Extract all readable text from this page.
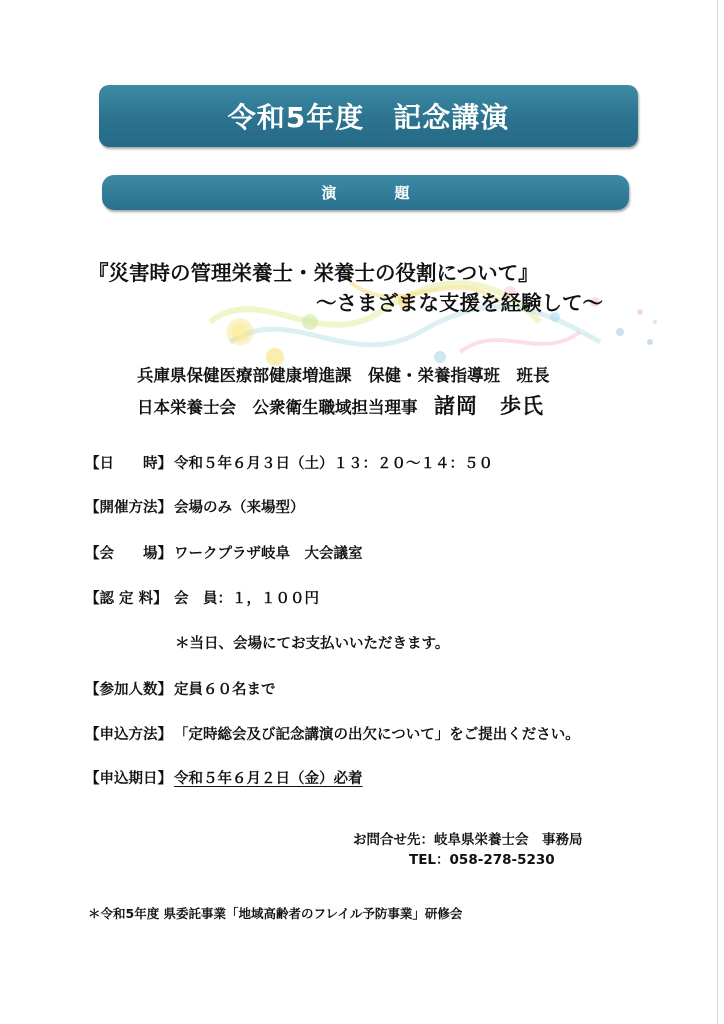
令和5年度　記念講演
演題
『災害時の管理栄養士・栄養士の役割について』
～さまざまな支援を経験して～
兵庫県保健医療部健康増進課　保健・栄養指導班　班長
日本栄養士会　公衆衛生職域担当理事　諸岡　歩氏
【日　　時】 令和５年６月３日（土）１３：２０～１４：５０
【開催方法】 会場のみ（来場型）
【会　　場】 ワークプラザ岐阜　大会議室
【認 定 料】 会　員：１，１００円
＊当日、会場にてお支払いいただきます。
【参加人数】 定員６０名まで
【申込方法】 「定時総会及び記念講演の出欠について」をご提出ください。
【申込期日】 令和５年６月２日（金）必着
お問合せ先：岐阜県栄養士会　事務局
TEL：058-278-5230
＊令和5年度 県委託事業「地域高齢者のフレイル予防事業」研修会
